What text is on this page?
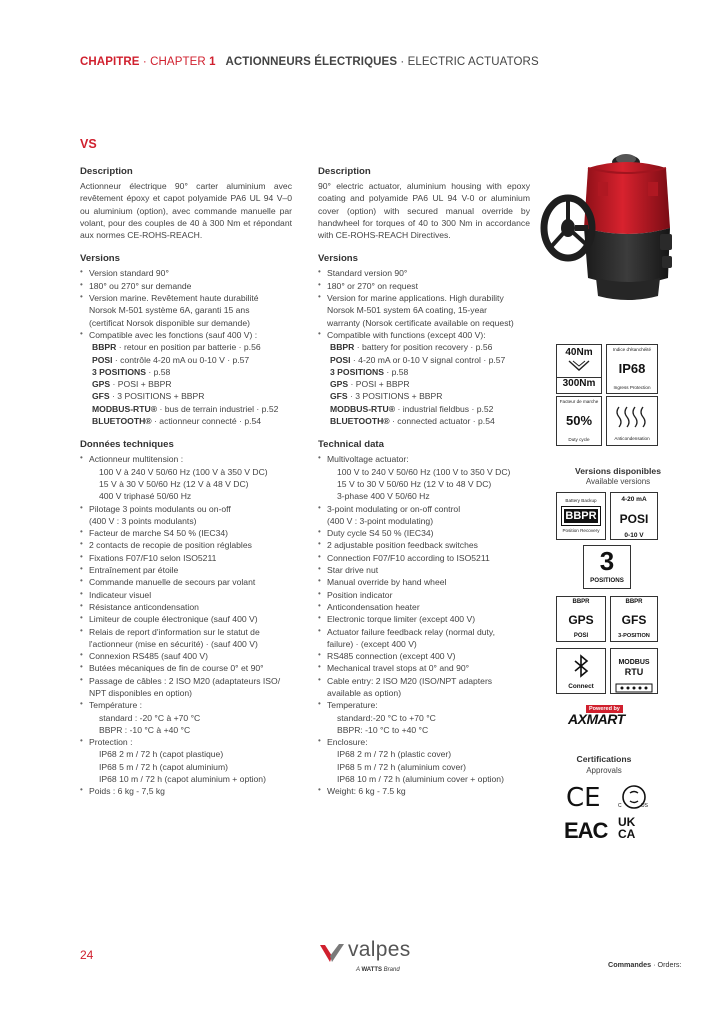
CHAPITRE · CHAPTER 1 ACTIONNEURS ÉLECTRIQUES · ELECTRIC ACTUATORS
VS
Description

Actionneur électrique 90° carter aluminium avec revêtement époxy et capot polyamide PA6 UL 94 V–0 ou aluminium (option), avec commande manuelle par volant, pour des couples de 40 à 300 Nm et répondant aux normes CE-ROHS-REACH.

Versions
• Version standard 90°
• 180° ou 270° sur demande
• Version marine. Revêtement haute durabilité
Norsok M-501 système 6A, garanti 15 ans
(certificat Norsok disponible sur demande)
• Compatible avec les fonctions (sauf 400 V) :
BBPR · retour en position par batterie · p.56
POSI · contrôle 4-20 mA ou 0-10 V · p.57
3 POSITIONS · p.58
GPS · POSI + BBPR
GFS · 3 POSITIONS + BBPR
MODBUS-RTU® · bus de terrain industriel · p.52
BLUETOOTH® · actionneur connecté · p.54
Données techniques
• Actionneur multitension :
100 V à 240 V 50/60 Hz (100 V à 350 V DC)
15 V à 30 V 50/60 Hz (12 V à 48 V DC)
400 V triphasé 50/60 Hz
• Pilotage 3 points modulants ou on-off
(400 V : 3 points modulants)
• Facteur de marche S4 50 % (IEC34)
• 2 contacts de recopie de position réglables
• Fixations F07/F10 selon ISO5211
• Entraînement par étoile
• Commande manuelle de secours par volant
• Indicateur visuel
• Résistance anticondensation
• Limiteur de couple électronique (sauf 400 V)
• Relais de report d'information sur le statut de
l'actionneur (mise en sécurité) · (sauf 400 V)
• Connexion RS485 (sauf 400 V)
• Butées mécaniques de fin de course 0° et 90°
• Passage de câbles : 2 ISO M20 (adaptateurs ISO/
NPT disponibles en option)
• Température :
standard : -20 °C à +70 °C
BBPR : -10 °C à +40 °C
• Protection :
IP68 2 m / 72 h (capot plastique)
IP68 5 m / 72 h (capot aluminium)
IP68 10 m / 72 h (capot aluminium + option)
• Poids : 6 kg - 7,5 kg
Description

90° electric actuator, aluminium housing with epoxy coating and polyamide PA6 UL 94 V-0 or aluminium cover (option) with secured manual override by handwheel for torques of 40 to 300 Nm in accordance with CE-ROHS-REACH Directives.

Versions
• Standard version 90°
• 180° or 270° on request
• Version for marine applications. High durability
Norsok M-501 system 6A coating, 15-year
warranty (Norsok certificate available on request)
• Compatible with functions (except 400 V):
BBPR · battery for position recovery · p.56
POSI · 4-20 mA or 0-10 V signal control · p.57
3 POSITIONS · p.58
GPS · POSI + BBPR
GFS · 3 POSITIONS + BBPR
MODBUS-RTU® · industrial fieldbus · p.52
BLUETOOTH® · connected actuator · p.54
Technical data
• Multivoltage actuator:
100 V to 240 V 50/60 Hz (100 V to 350 V DC)
15 V to 30 V 50/60 Hz (12 V to 48 V DC)
3-phase 400 V 50/60 Hz
• 3-point modulating or on-off control
(400 V : 3-point modulating)
• Duty cycle S4 50 % (IEC34)
• 2 adjustable position feedback switches
• Connection F07/F10 according to ISO5211
• Star drive nut
• Manual override by hand wheel
• Position indicator
• Anticondensation heater
• Electronic torque limiter (except 400 V)
• Actuator failure feedback relay (normal duty,
failure) · (except 400 V)
• RS485 connection (except 400 V)
• Mechanical travel stops at 0° and 90°
• Cable entry: 2 ISO M20 (ISO/NPT adapters
available as option)
• Temperature:
standard:-20 °C to +70 °C
BBPR: -10 °C to +40 °C
• Enclosure:
IP68 2 m / 72 h (plastic cover)
IP68 5 m / 72 h (aluminium cover)
IP68 10 m / 72 h (aluminium cover + option)
• Weight: 6 kg - 7.5 kg
40Nm
300Nm
Indice d'étanchéité
IP68
Ingress Protection
Facteur de marche
50%
Duty cycle	Anticondensation
Versions disponibles
Available versions
Battery Backup
BBPR
Position Recovery
4-20 mA
POSI
0-10 V
3
POSITIONS
BBPR
GPS
POSI
BBPR
GFS
3-POSITION
Connect
MODBUS
RTU
Powered by
AXMART
Certifications
Approvals
CE	C	US
EAC UK
CA
24	valpes
A WATTS Brand
Commandes · Orders:
